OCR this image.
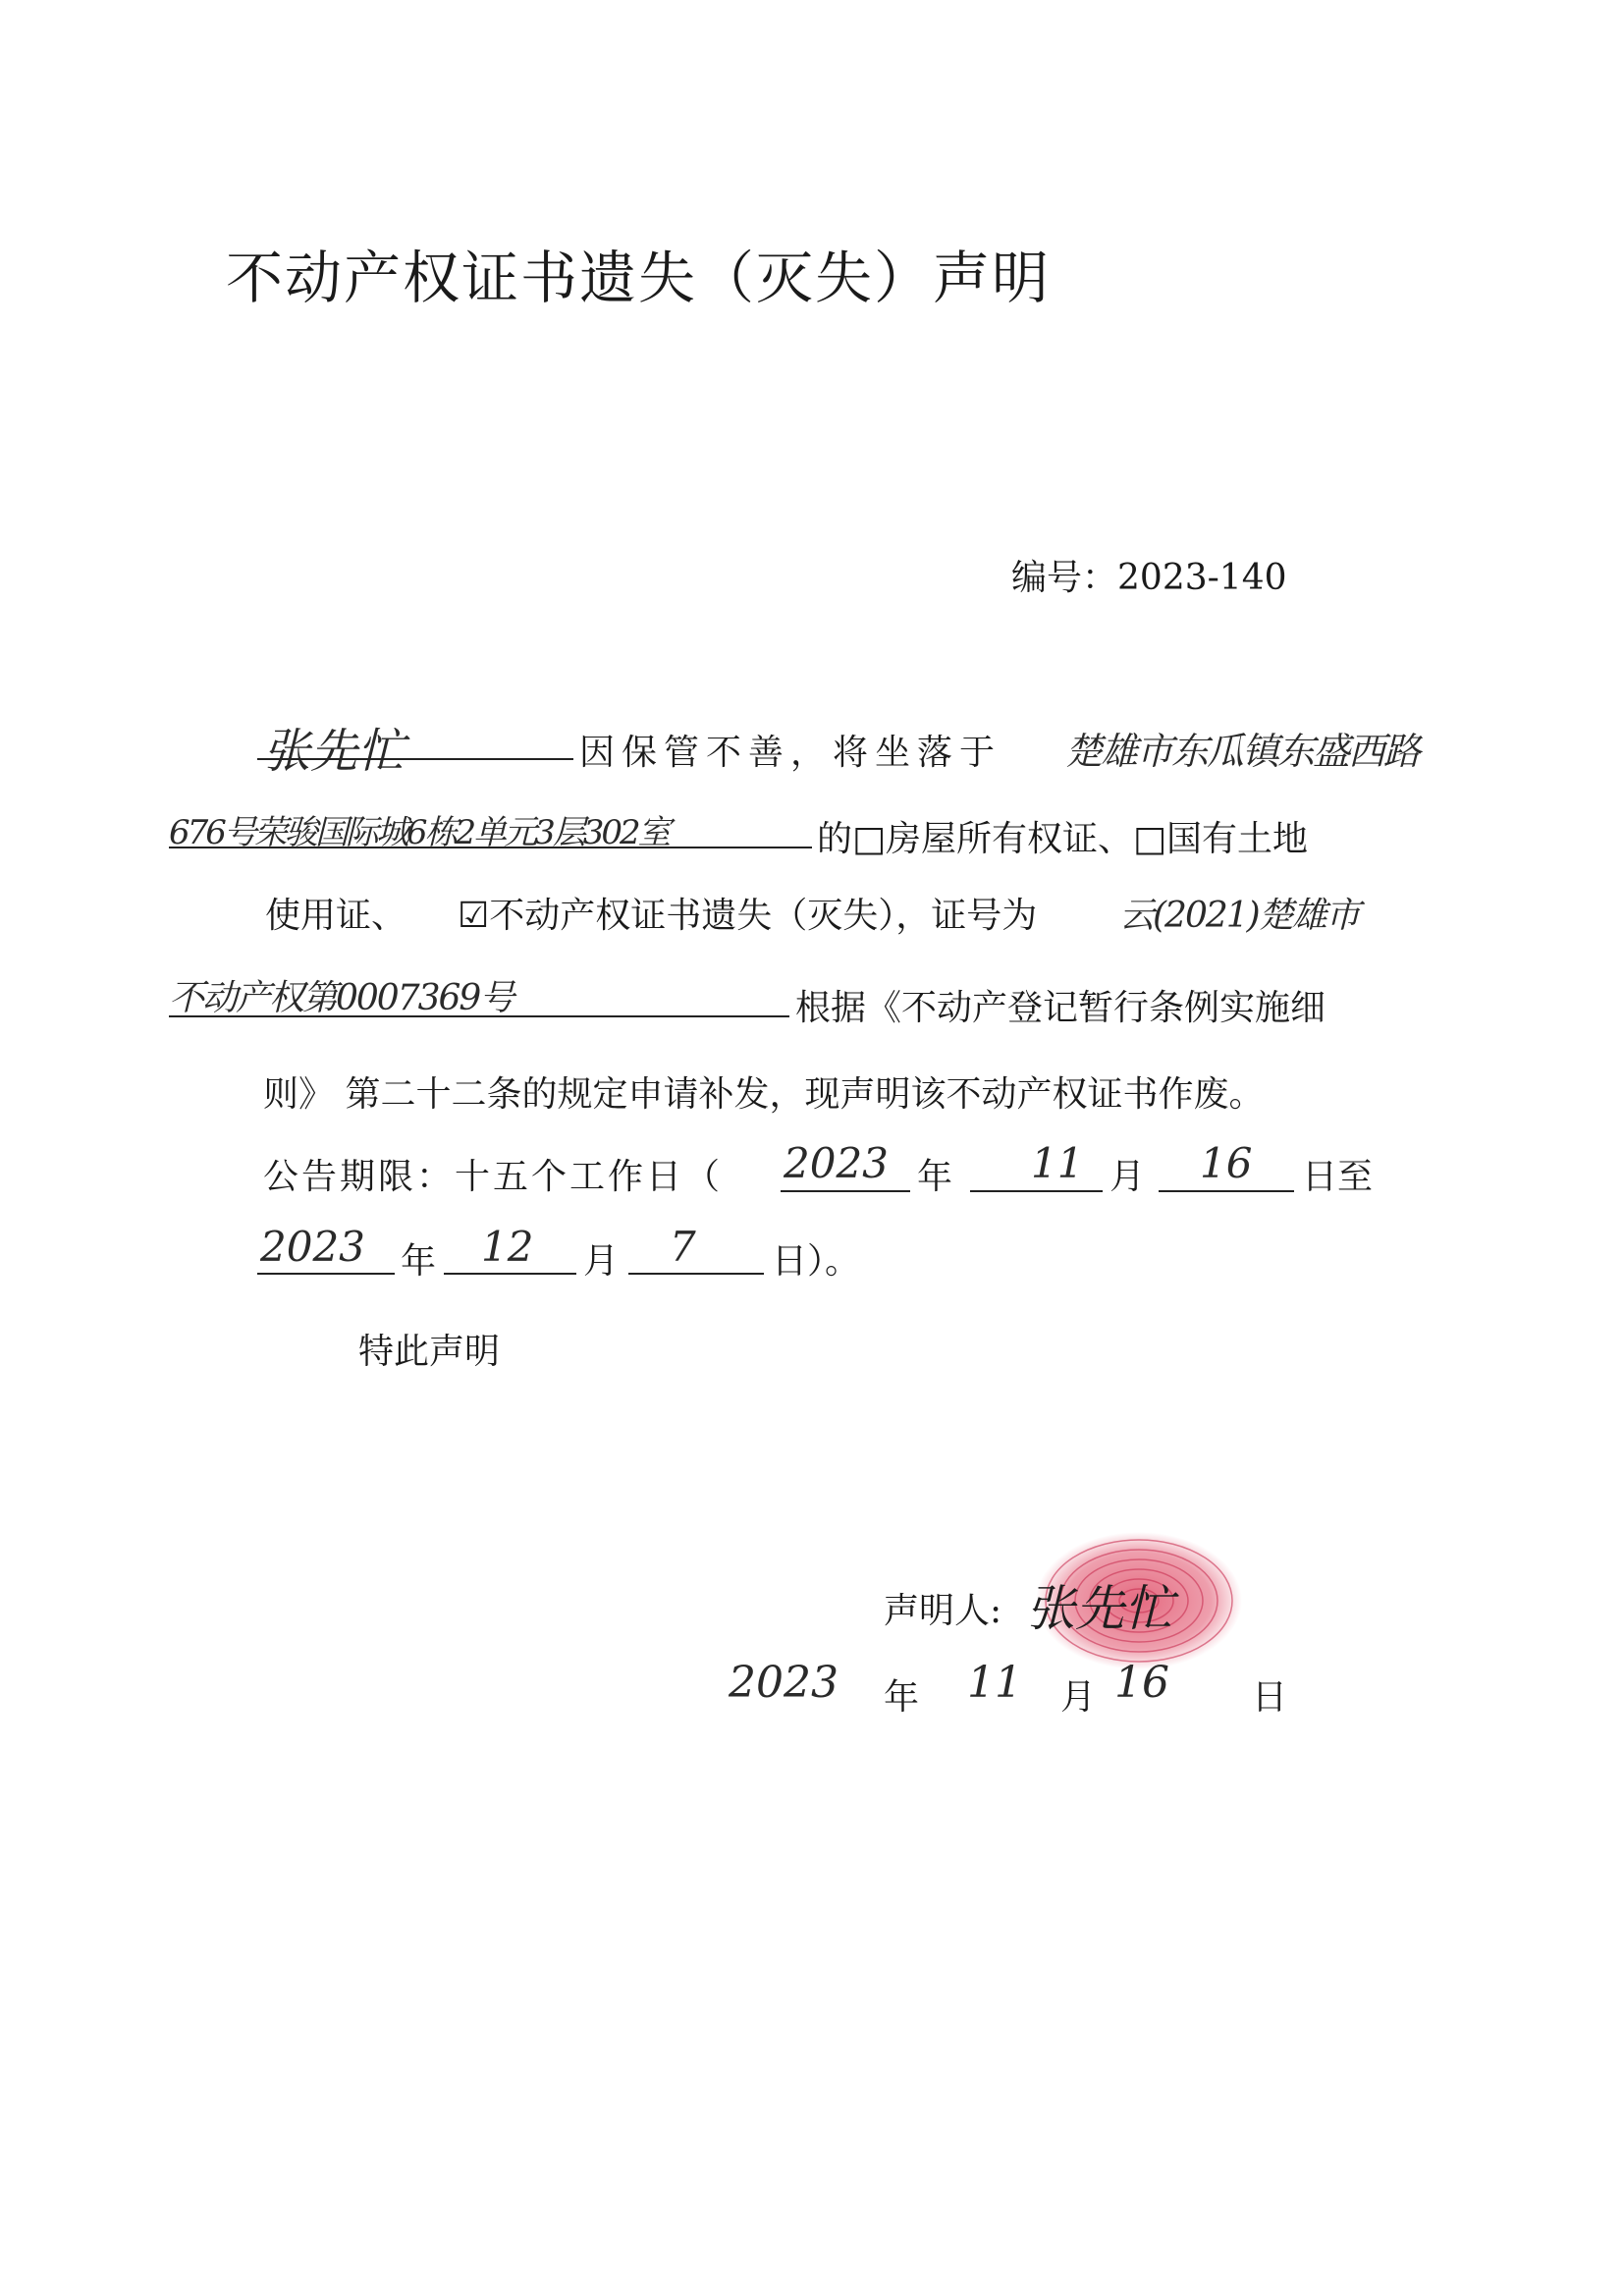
不动产权证书遗失（灭失）声明
编号：2023-140
张先忙	因保管不善，将坐落于 楚雄市东瓜镇东盛西路
676号荣骏国际城6栋2单元3层302室	的□房屋所有权证、□国有土地
使用证、 ☑不动产权证书遗失（灭失），证号为 云(2021)楚雄市
不动产权第0007369号	根据《不动产登记暂行条例实施细
则》 第二十二条的规定申请补发，现声明该不动产权证书作废。
公告期限：十五个工作日（ 2023 年 11 月 16 日至
2023 年 12 月 7 日）。
特此声明
声明人: 张先忙
2023 年 11 月 16 日
